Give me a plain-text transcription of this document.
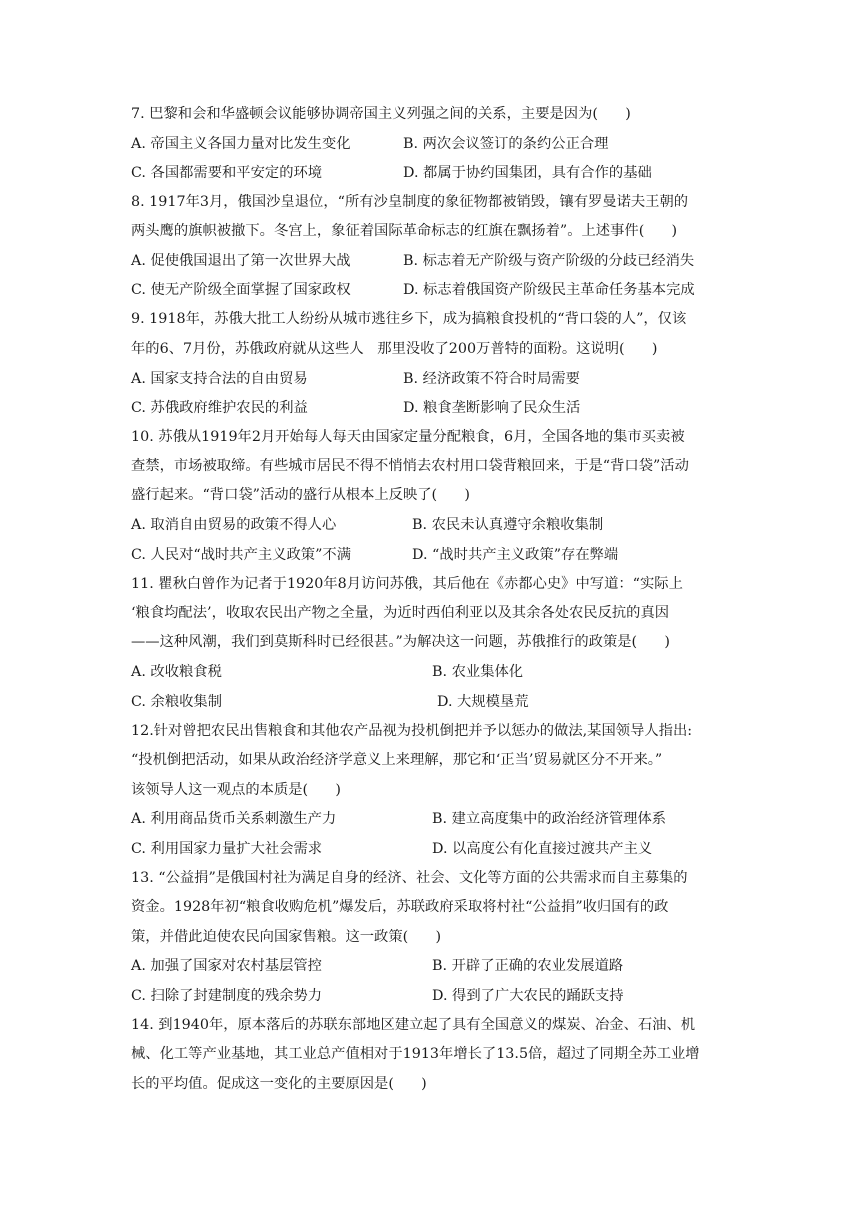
7. 巴黎和会和华盛顿会议能够协调帝国主义列强之间的关系，主要是因为(      )
A. 帝国主义各国力量对比发生变化	B. 两次会议签订的条约公正合理
C. 各国都需要和平安定的环境	D. 都属于协约国集团，具有合作的基础
8. 1917年3月，俄国沙皇退位，“所有沙皇制度的象征物都被销毁，镶有罗曼诺夫王朝的
两头鹰的旗帜被撤下。冬宫上，象征着国际革命标志的红旗在飘扬着”。上述事件(      )
A. 促使俄国退出了第一次世界大战	B. 标志着无产阶级与资产阶级的分歧已经消失
C. 使无产阶级全面掌握了国家政权	D. 标志着俄国资产阶级民主革命任务基本完成
9. 1918年，苏俄大批工人纷纷从城市逃往乡下，成为搞粮食投机的“背口袋的人”，仅该
年的6、7月份，苏俄政府就从这些人   那里没收了200万普特的面粉。这说明(      )
A. 国家支持合法的自由贸易	B. 经济政策不符合时局需要
C. 苏俄政府维护农民的利益	D. 粮食垄断影响了民众生活
10. 苏俄从1919年2月开始每人每天由国家定量分配粮食，6月，全国各地的集市买卖被
查禁，市场被取缔。有些城市居民不得不悄悄去农村用口袋背粮回来，于是“背口袋”活动
盛行起来。“背口袋”活动的盛行从根本上反映了(      )
A. 取消自由贸易的政策不得人心	B. 农民未认真遵守余粮收集制
C. 人民对“战时共产主义政策”不满	D. “战时共产主义政策”存在弊端
11. 瞿秋白曾作为记者于1920年8月访问苏俄，其后他在《赤都心史》中写道：“实际上
‘粮食均配法’，收取农民出产物之全量，为近时西伯利亚以及其余各处农民反抗的真因
——这种风潮，我们到莫斯科时已经很甚。”为解决这一问题，苏俄推行的政策是(      )
A. 改收粮食税	B. 农业集体化
C. 余粮收集制	D. 大规模垦荒
12.针对曾把农民出售粮食和其他农产品视为投机倒把并予以惩办的做法,某国领导人指出:
“投机倒把活动，如果从政治经济学意义上来理解，那它和‘正当’贸易就区分不开来。”
该领导人这一观点的本质是(      )
A. 利用商品货币关系刺激生产力	B. 建立高度集中的政治经济管理体系
C. 利用国家力量扩大社会需求	D. 以高度公有化直接过渡共产主义
13. “公益捐”是俄国村社为满足自身的经济、社会、文化等方面的公共需求而自主募集的
资金。1928年初“粮食收购危机”爆发后，苏联政府采取将村社“公益捐”收归国有的政
策，并借此迫使农民向国家售粮。这一政策(      )
A. 加强了国家对农村基层管控	B. 开辟了正确的农业发展道路
C. 扫除了封建制度的残余势力	D. 得到了广大农民的踊跃支持
14. 到1940年，原本落后的苏联东部地区建立起了具有全国意义的煤炭、冶金、石油、机
械、化工等产业基地，其工业总产值相对于1913年增长了13.5倍，超过了同期全苏工业增
长的平均值。促成这一变化的主要原因是(      )
